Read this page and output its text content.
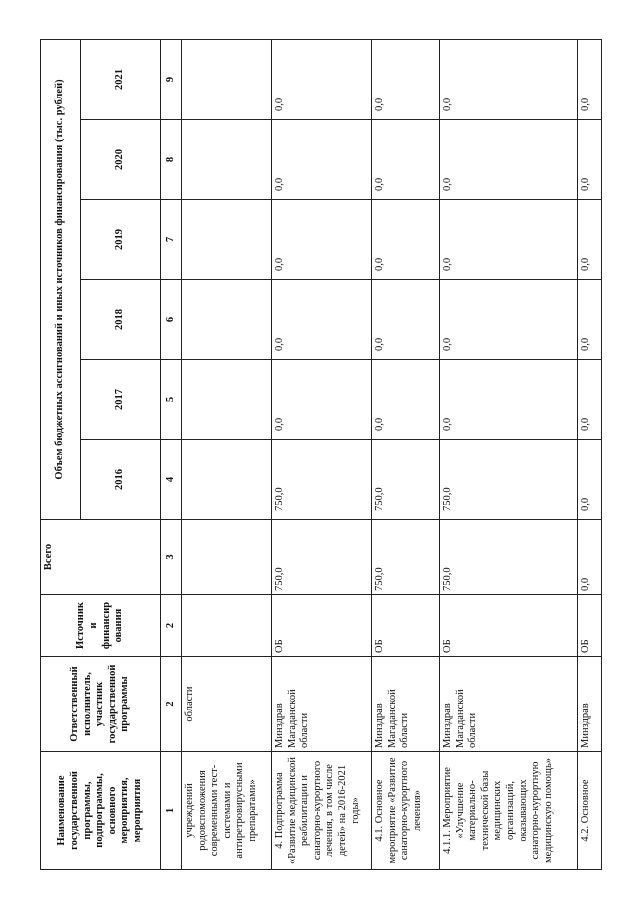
Наименование государственной программы, подпрограммы, основного мероприятия, мероприятия	Ответственный исполнитель, участник государственной программы	Источник и финансир ования	Всего	Объем бюджетных ассигнований и иных источников финансирования (тыс. рублей)					
				2016	2017	2018	2019	2020	2021
1	2	2	3	4	5	6	7	8	9
учреждений родовспоможения современными тест-системами и антиретровирусными препаратами»	области								
4. Подпрограмма «Развитие медицинской реабилитации и санаторно-курортного лечения, в том числе детей» на 2016-2021 годы»	Минздрав Магаданской области	ОБ	750,0	750,0	0,0	0,0	0,0	0,0	0,0
4.1. Основное мероприятие «Развитие санаторно-курортного лечения»	Минздрав Магаданской области	ОБ	750,0	750,0	0,0	0,0	0,0	0,0	0,0
4.1.1. Мероприятие «Улучшение материально-технической базы медицинских организаций, оказывающих санаторно-курортную медицинскую помощь»	Минздрав Магаданской области	ОБ	750,0	750,0	0,0	0,0	0,0	0,0	0,0
4.2. Основное	Минздрав	ОБ	0,0	0,0	0,0	0,0	0,0	0,0	0,0
